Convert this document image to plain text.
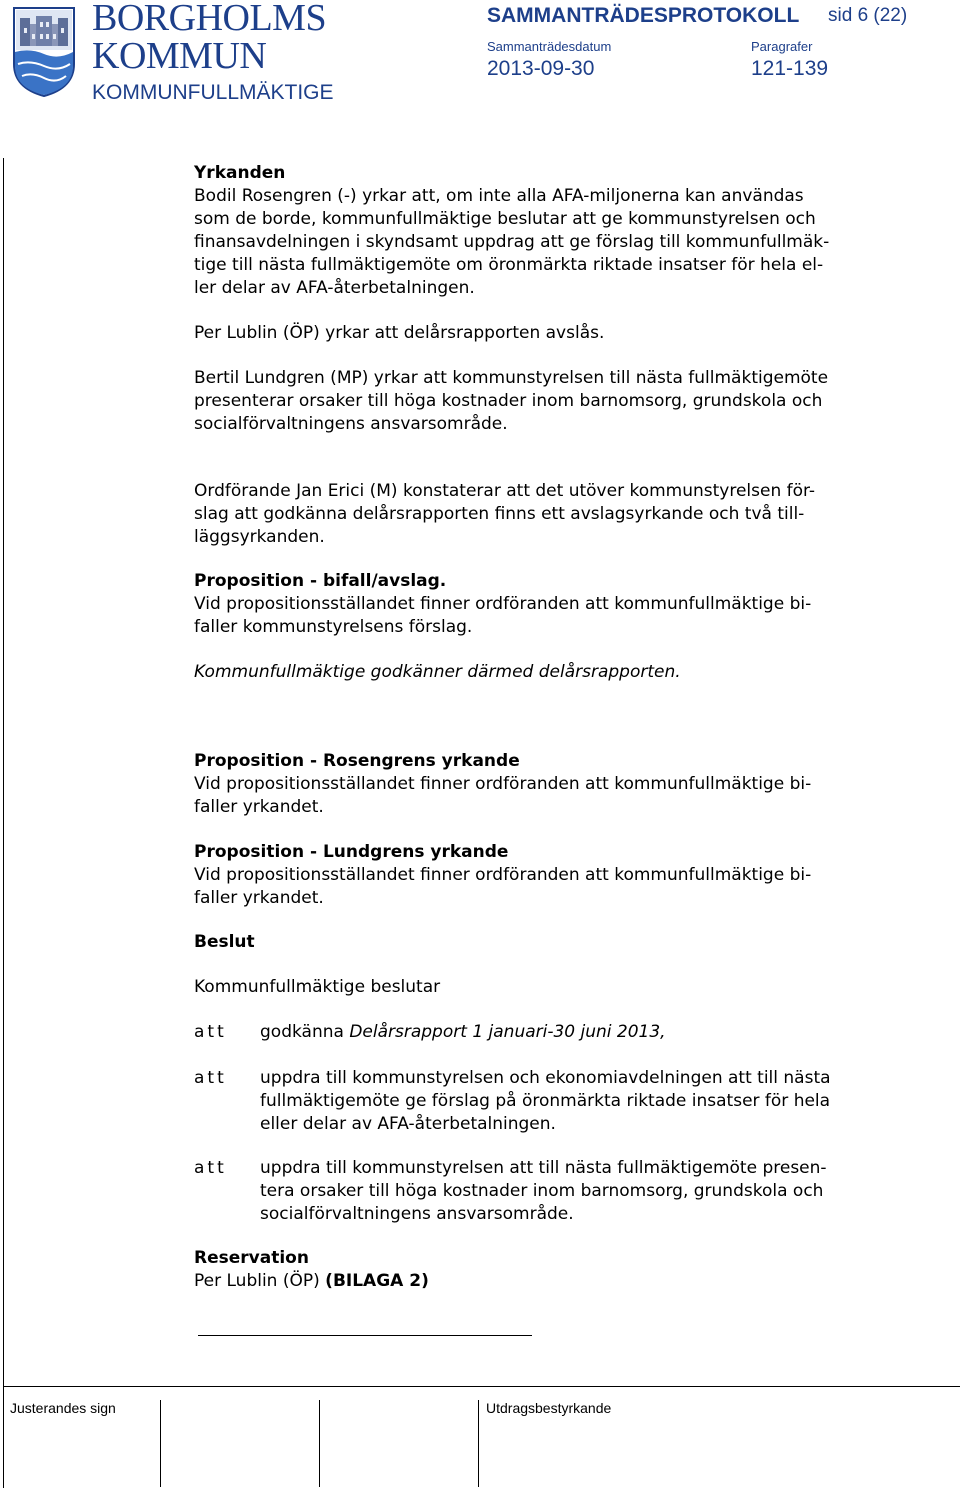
BORGHOLMS
KOMMUN
KOMMUNFULLMÄKTIGE
SAMMANTRÄDESPROTOKOLL sid 6 (22)
Sammanträdesdatum
2013-09-30
Paragrafer
121-139
Yrkanden
Bodil Rosengren (-) yrkar att, om inte alla AFA-miljonerna kan användas
som de borde, kommunfullmäktige beslutar att ge kommunstyrelsen och
finansavdelningen i skyndsamt uppdrag att ge förslag till kommunfullmäk-
tige till nästa fullmäktigemöte om öronmärkta riktade insatser för hela el-
ler delar av AFA-återbetalningen.
Per Lublin (ÖP) yrkar att delårsrapporten avslås.
Bertil Lundgren (MP) yrkar att kommunstyrelsen till nästa fullmäktigemöte
presenterar orsaker till höga kostnader inom barnomsorg, grundskola och
socialförvaltningens ansvarsområde.
Ordförande Jan Erici (M) konstaterar att det utöver kommunstyrelsen för-
slag att godkänna delårsrapporten finns ett avslagsyrkande och två till-
läggsyrkanden.
Proposition - bifall/avslag.
Vid propositionsställandet finner ordföranden att kommunfullmäktige bi-
faller kommunstyrelsens förslag.
Kommunfullmäktige godkänner därmed delårsrapporten.
Proposition - Rosengrens yrkande
Vid propositionsställandet finner ordföranden att kommunfullmäktige bi-
faller yrkandet.
Proposition - Lundgrens yrkande
Vid propositionsställandet finner ordföranden att kommunfullmäktige bi-
faller yrkandet.
Beslut
Kommunfullmäktige beslutar
att godkänna Delårsrapport 1 januari-30 juni 2013,
att uppdra till kommunstyrelsen och ekonomiavdelningen att till nästa
fullmäktigemöte ge förslag på öronmärkta riktade insatser för hela
eller delar av AFA-återbetalningen.
att uppdra till kommunstyrelsen att till nästa fullmäktigemöte presen-
tera orsaker till höga kostnader inom barnomsorg, grundskola och
socialförvaltningens ansvarsområde.
Reservation
Per Lublin (ÖP) (BILAGA 2)
Justerandes sign	Utdragsbestyrkande
